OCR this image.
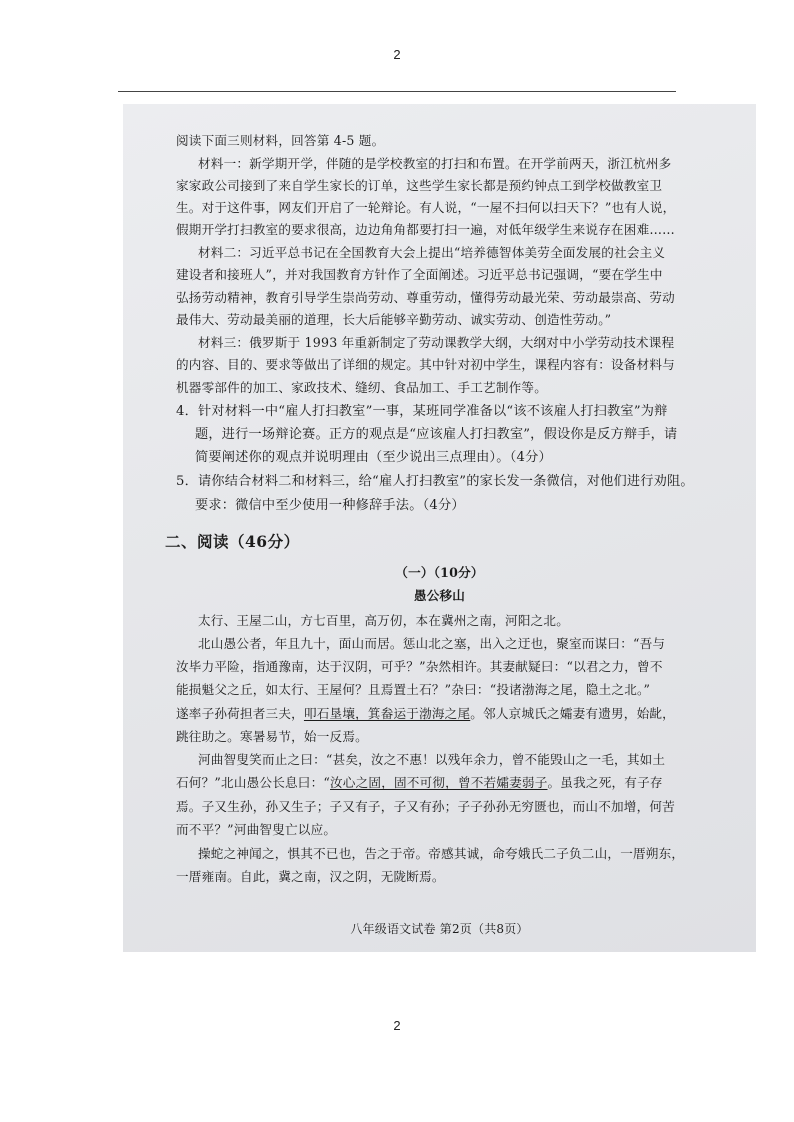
2
阅读下面三则材料，回答第 4-5 题。
材料一：新学期开学，伴随的是学校教室的打扫和布置。在开学前两天，浙江杭州多
家家政公司接到了来自学生家长的订单，这些学生家长都是预约钟点工到学校做教室卫
生。对于这件事，网友们开启了一轮辩论。有人说，“一屋不扫何以扫天下？”也有人说，
假期开学打扫教室的要求很高，边边角角都要打扫一遍，对低年级学生来说存在困难……
材料二：习近平总书记在全国教育大会上提出“培养德智体美劳全面发展的社会主义
建设者和接班人”，并对我国教育方针作了全面阐述。习近平总书记强调，“要在学生中
弘扬劳动精神，教育引导学生崇尚劳动、尊重劳动，懂得劳动最光荣、劳动最崇高、劳动
最伟大、劳动最美丽的道理，长大后能够辛勤劳动、诚实劳动、创造性劳动。”
材料三：俄罗斯于 1993 年重新制定了劳动课教学大纲，大纲对中小学劳动技术课程
的内容、目的、要求等做出了详细的规定。其中针对初中学生，课程内容有：设备材料与
机器零部件的加工、家政技术、缝纫、食品加工、手工艺制作等。
4．针对材料一中“雇人打扫教室”一事，某班同学准备以“该不该雇人打扫教室”为辩
题，进行一场辩论赛。正方的观点是“应该雇人打扫教室”，假设你是反方辩手，请
简要阐述你的观点并说明理由（至少说出三点理由）。（4分）
5．请你结合材料二和材料三，给“雇人打扫教室”的家长发一条微信，对他们进行劝阻。
要求：微信中至少使用一种修辞手法。（4分）
二、阅读（46分）
（一）（10分）
愚公移山
太行、王屋二山，方七百里，高万仞，本在冀州之南，河阳之北。
北山愚公者，年且九十，面山而居。惩山北之塞，出入之迂也，聚室而谋曰：“吾与
汝毕力平险，指通豫南，达于汉阴，可乎？”杂然相许。其妻献疑曰：“以君之力，曾不
能损魁父之丘，如太行、王屋何？且焉置土石？”杂曰：“投诸渤海之尾，隐土之北。”
遂率子孙荷担者三夫，叩石垦壤，箕畚运于渤海之尾。邻人京城氏之孀妻有遗男，始龀，
跳往助之。寒暑易节，始一反焉。
河曲智叟笑而止之曰：“甚矣，汝之不惠！以残年余力，曾不能毁山之一毛，其如土
石何？”北山愚公长息曰：“汝心之固，固不可彻，曾不若孀妻弱子。虽我之死，有子存
焉。子又生孙，孙又生子；子又有子，子又有孙；子子孙孙无穷匮也，而山不加增，何苦
而不平？”河曲智叟亡以应。
操蛇之神闻之，惧其不已也，告之于帝。帝感其诚，命夸娥氏二子负二山，一厝朔东，
一厝雍南。自此，冀之南，汉之阴，无陇断焉。
八年级语文试卷 第2页（共8页）
2
